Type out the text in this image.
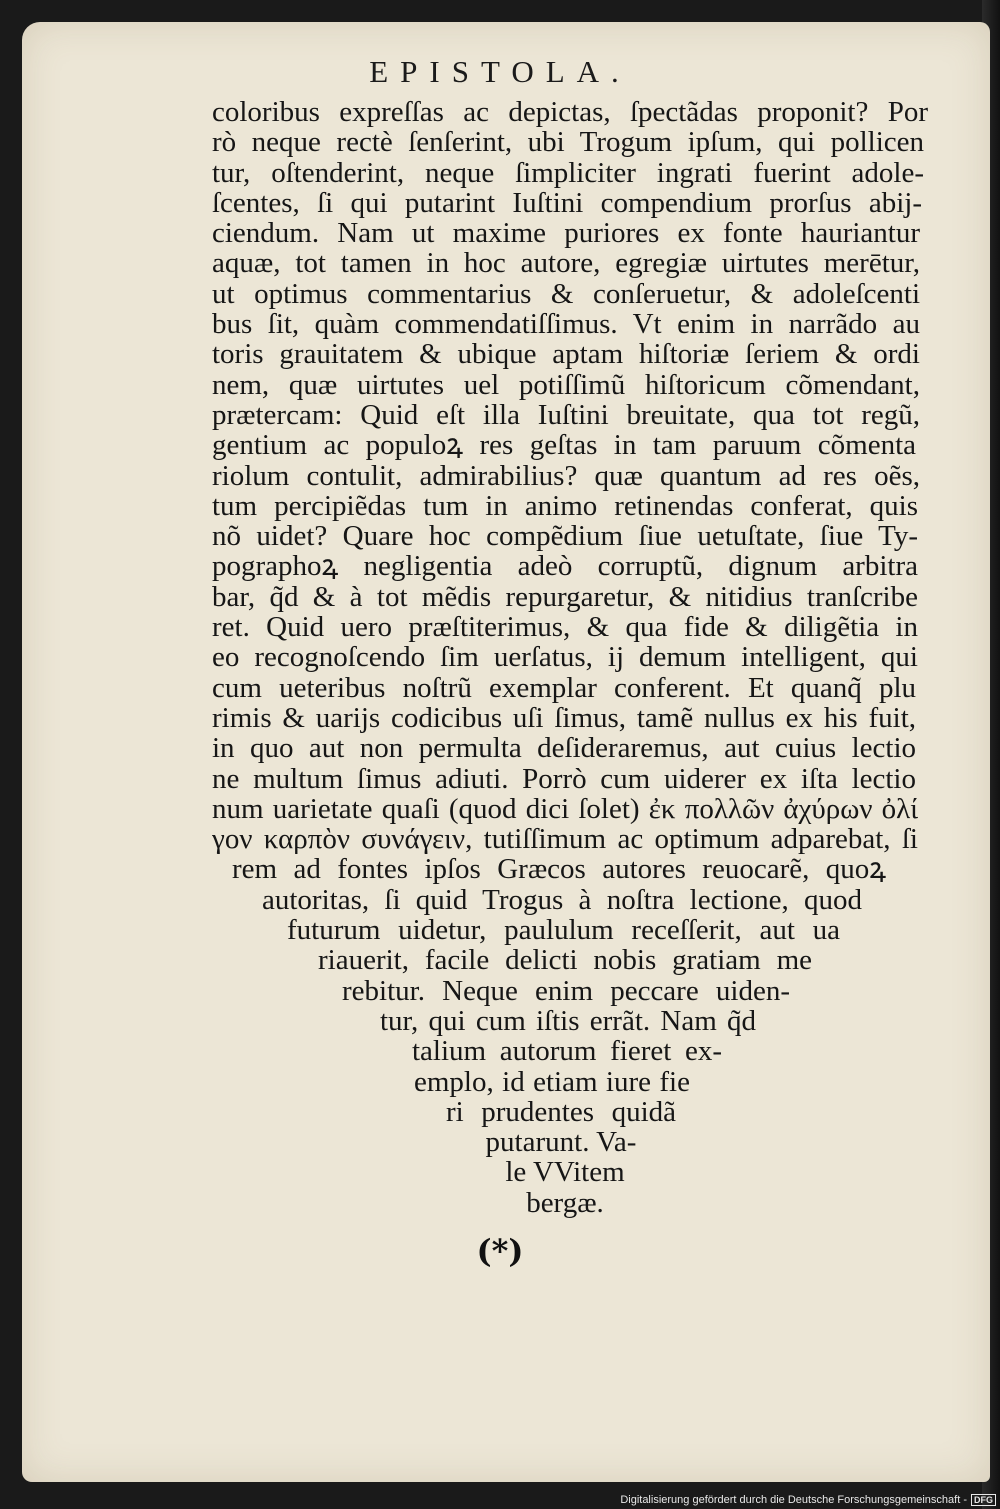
EPISTOLA.
coloribus expreſſas ac depictas, ſpectãdas proponit? Por
rò neque rectè ſenſerint, ubi Trogum ipſum, qui pollicen
tur, oſtenderint, neque ſimpliciter ingrati fuerint adole-
ſcentes, ſi qui putarint Iuſtini compendium prorſus abij-
ciendum. Nam ut maxime puriores ex fonte hauriantur
aquæ, tot tamen in hoc autore, egregiæ uirtutes merētur,
ut optimus commentarius & conſeruetur, & adoleſcenti
bus ſit, quàm commendatiſſimus. Vt enim in narrãdo au
toris grauitatem & ubique aptam hiſtoriæ ſeriem & ordi
nem, quæ uirtutes uel potiſſimũ hiſtoricum cõmendant,
prætercam: Quid eſt illa Iuſtini breuitate, qua tot regũ,
gentium ac populoꝝ res geſtas in tam paruum cõmenta
riolum contulit, admirabilius? quæ quantum ad res oẽs,
tum percipiẽdas tum in animo retinendas conferat, quis
nõ uidet? Quare hoc compẽdium ſiue uetuſtate, ſiue Ty-
pographoꝝ negligentia adeò corruptũ, dignum arbitra
bar, q̃d & à tot mẽdis repurgaretur, & nitidius tranſcribe
ret. Quid uero præſtiterimus, & qua fide & diligẽtia in
eo recognoſcendo ſim uerſatus, ij demum intelligent, qui
cum ueteribus noſtrũ exemplar conferent. Et quanq̃ plu
rimis & uarijs codicibus uſi ſimus, tamẽ nullus ex his fuit,
in quo aut non permulta deſideraremus, aut cuius lectio
ne multum ſimus adiuti. Porrò cum uiderer ex iſta lectio
num uarietate quaſi (quod dici ſolet) ἐκ πολλῶν ἀχύρων ὀλί
γον καρπὸν συνάγειν, tutiſſimum ac optimum adparebat, ſi
rem ad fontes ipſos Græcos autores reuocarẽ, quoꝝ
autoritas, ſi quid Trogus à noſtra lectione, quod
futurum uidetur, paululum receſſerit, aut ua
riauerit, facile delicti nobis gratiam me
rebitur. Neque enim peccare uiden-
tur, qui cum iſtis errãt. Nam q̃d
talium autorum fieret ex-
emplo, id etiam iure fie
ri prudentes quidã
putarunt. Va-
le VVitem
bergæ.
(*)
Digitalisierung gefördert durch die Deutsche Forschungsgemeinschaft - DFG
